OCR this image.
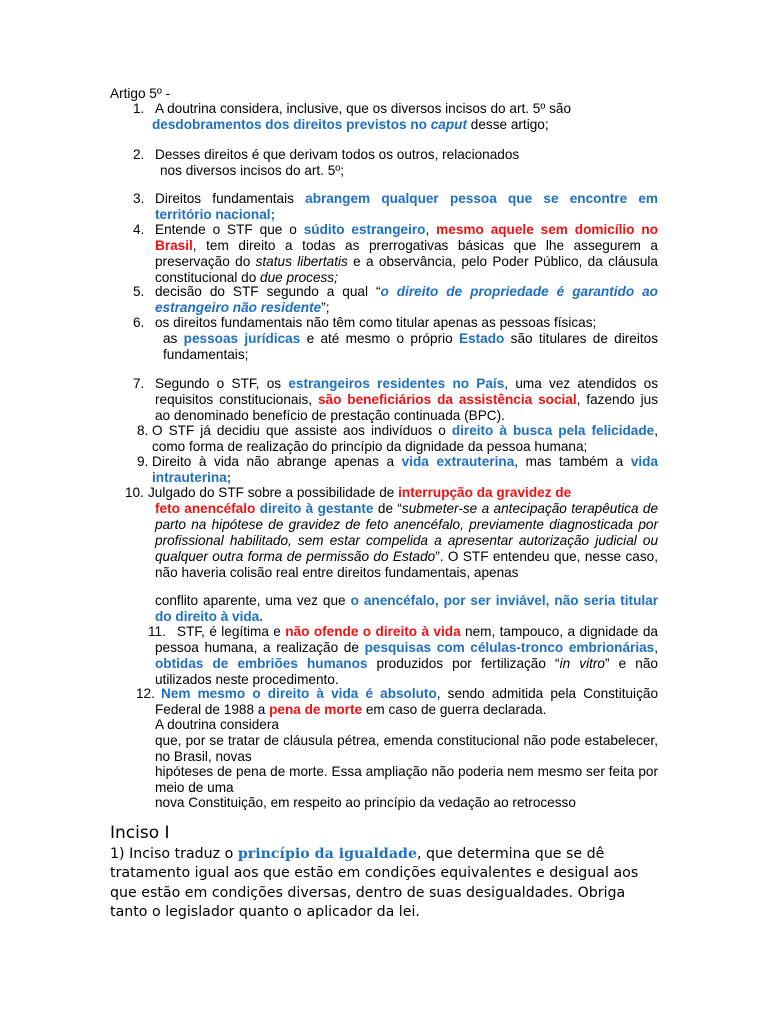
Artigo 5º -
1. A doutrina considera, inclusive, que os diversos incisos do art. 5º são
desdobramentos dos direitos previstos no caput desse artigo;
2. Desses direitos é que derivam todos os outros, relacionados
nos diversos incisos do art. 5º;
3. Direitos fundamentais abrangem qualquer pessoa que se encontre em território nacional;
4. Entende o STF que o súdito estrangeiro, mesmo aquele sem domicílio no Brasil, tem direito a todas as prerrogativas básicas que lhe assegurem a preservação do status libertatis e a observância, pelo Poder Público, da cláusula constitucional do due process;
5. decisão do STF segundo a qual “o direito de propriedade é garantido ao estrangeiro não residente”;
6. os direitos fundamentais não têm como titular apenas as pessoas físicas;
as pessoas jurídicas e até mesmo o próprio Estado são titulares de direitos fundamentais;
7. Segundo o STF, os estrangeiros residentes no País, uma vez atendidos os requisitos constitucionais, são beneficiários da assistência social, fazendo jus ao denominado benefício de prestação continuada (BPC).
8. O STF já decidiu que assiste aos indivíduos o direito à busca pela felicidade, como forma de realização do princípio da dignidade da pessoa humana;
9. Direito à vida não abrange apenas a vida extrauterina, mas também a vida intrauterina;
10. Julgado do STF sobre a possibilidade de interrupção da gravidez de
feto anencéfalo direito à gestante de “submeter-se a antecipação terapêutica de parto na hipótese de gravidez de feto anencéfalo, previamente diagnosticada por profissional habilitado, sem estar compelida a apresentar autorização judicial ou qualquer outra forma de permissão do Estado”. O STF entendeu que, nesse caso, não haveria colisão real entre direitos fundamentais, apenas
conflito aparente, uma vez que o anencéfalo, por ser inviável, não seria titular do direito à vida.
11. STF, é legítima e não ofende o direito à vida nem, tampouco, a dignidade da pessoa humana, a realização de pesquisas com células-tronco embrionárias, obtidas de embriões humanos produzidos por fertilização “in vitro” e não utilizados neste procedimento.
12. Nem mesmo o direito à vida é absoluto, sendo admitida pela Constituição Federal de 1988 a pena de morte em caso de guerra declarada.
A doutrina considera
que, por se tratar de cláusula pétrea, emenda constitucional não pode estabelecer, no Brasil, novas
hipóteses de pena de morte. Essa ampliação não poderia nem mesmo ser feita por meio de uma
nova Constituição, em respeito ao princípio da vedação ao retrocesso
Inciso I
1) Inciso traduz o princípio da igualdade, que determina que se dê tratamento igual aos que estão em condições equivalentes e desigual aos que estão em condições diversas, dentro de suas desigualdades. Obriga tanto o legislador quanto o aplicador da lei.
